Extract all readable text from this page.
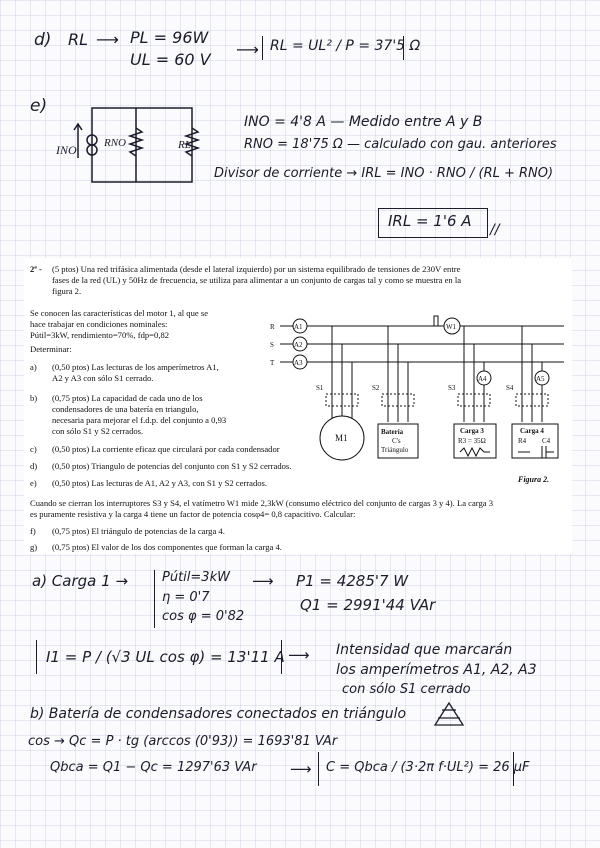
d) RL ⟶ PL = 96W
UL = 60 V
⟶ RL = UL² / P = 37'5 Ω
e)
INO RNO	RL
INO = 4'8 A — Medido entre A y B
RNO = 18'75 Ω — calculado con gau. anteriores
Divisor de corriente → IRL = INO · RNO / (RL + RNO)
IRL = 1'6 A //
2ª - (5 ptos) Una red trifásica alimentada (desde el lateral izquierdo) por un sistema equilibrado de tensiones de 230V entre
fases de la red (UL) y 50Hz de frecuencia, se utiliza para alimentar a un conjunto de cargas tal y como se muestra en la
figura 2.
Se conocen las características del motor 1, al que se
hace trabajar en condiciones nominales:
Pútil=3kW, rendimiento=70%, fdp=0,82
Determinar:
a) (0,50 ptos) Las lecturas de los amperímetros A1,
A2 y A3 con sólo S1 cerrado.
b) (0,75 ptos) La capacidad de cada uno de los
condensadores de una batería en triangulo,
necesaria para mejorar el f.d.p. del conjunto a 0,93
con sólo S1 y S2 cerrados.
c) (0,50 ptos) La corriente eficaz que circulará por cada condensador
d) (0,50 ptos) Triangulo de potencias del conjunto con S1 y S2 cerrados.
e) (0,50 ptos) Las lecturas de A1, A2 y A3, con S1 y S2 cerrados.
Cuando se cierran los interruptores S3 y S4, el vatímetro W1 mide 2,3kW (consumo eléctrico del conjunto de cargas 3 y 4). La carga 3
es puramente resistiva y la carga 4 tiene un factor de potencia cosφ4= 0,8 capacitivo. Calcular:
f) (0,75 ptos) El triángulo de potencias de la carga 4.
g) (0,75 ptos) El valor de los dos componentes que forman la carga 4.
R
S
T
A1
A2
A3
A4	A5
W1
S1	S2	S3	S4
M1
Batería
C's
Triángulo
Carga 3
R3 = 35Ω
Carga 4
R4 C4
Figura 2.
a) Carga 1 →	Pútil=3kW
η = 0'7
cos φ = 0'82
⟶ P1 = 4285'7 W
Q1 = 2991'44 VAr
I1 = P / (√3 UL cos φ) = 13'11 A ⟶ Intensidad que marcarán
los amperímetros A1, A2, A3
con sólo S1 cerrado
b) Batería de condensadores conectados en triángulo
cos → Qc = P · tg (arccos (0'93)) = 1693'81 VAr
Qbca = Q1 − Qc = 1297'63 VAr ⟶ C = Qbca / (3·2π f·UL²) = 26 μF
